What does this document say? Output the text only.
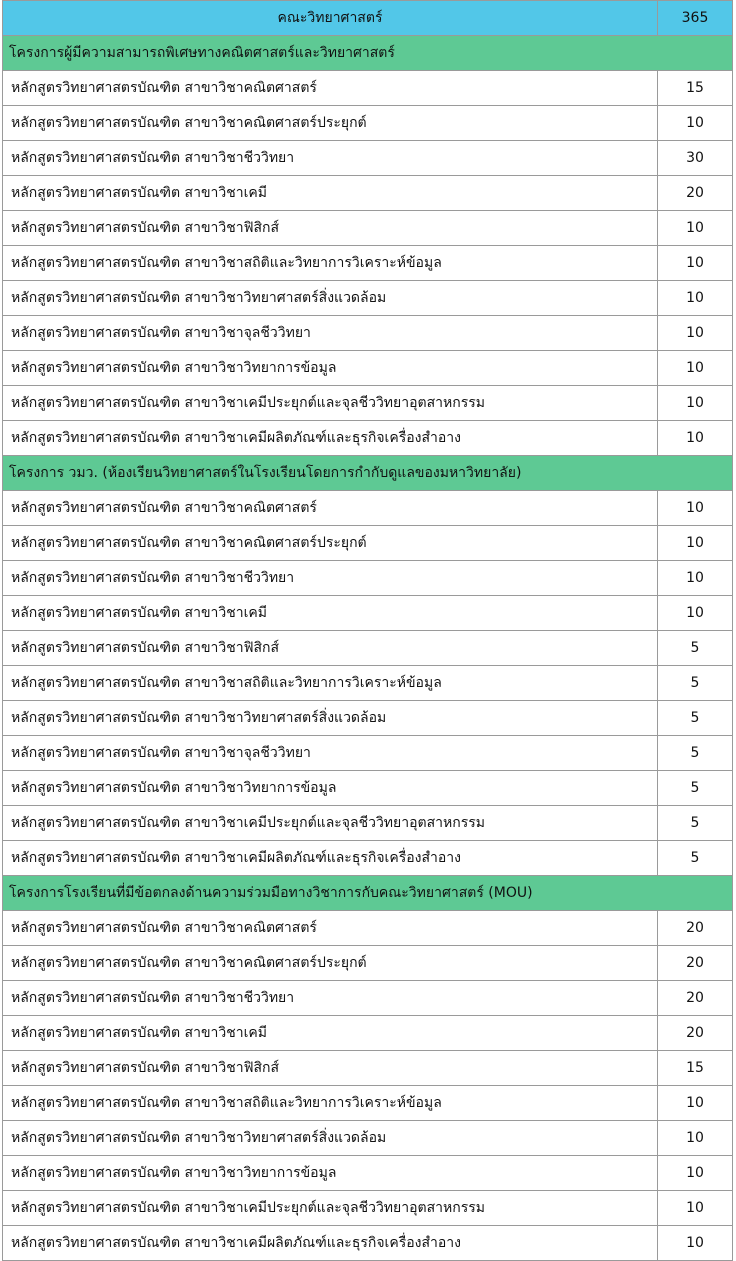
คณะวิทยาศาสตร์	365
โครงการผู้มีความสามารถพิเศษทางคณิตศาสตร์และวิทยาศาสตร์	
หลักสูตรวิทยาศาสตรบัณฑิต สาขาวิชาคณิตศาสตร์	15
หลักสูตรวิทยาศาสตรบัณฑิต สาขาวิชาคณิตศาสตร์ประยุกต์	10
หลักสูตรวิทยาศาสตรบัณฑิต สาขาวิชาชีววิทยา	30
หลักสูตรวิทยาศาสตรบัณฑิต สาขาวิชาเคมี	20
หลักสูตรวิทยาศาสตรบัณฑิต สาขาวิชาฟิสิกส์	10
หลักสูตรวิทยาศาสตรบัณฑิต สาขาวิชาสถิติและวิทยาการวิเคราะห์ข้อมูล	10
หลักสูตรวิทยาศาสตรบัณฑิต สาขาวิชาวิทยาศาสตร์สิ่งแวดล้อม	10
หลักสูตรวิทยาศาสตรบัณฑิต สาขาวิชาจุลชีววิทยา	10
หลักสูตรวิทยาศาสตรบัณฑิต สาขาวิชาวิทยาการข้อมูล	10
หลักสูตรวิทยาศาสตรบัณฑิต สาขาวิชาเคมีประยุกต์และจุลชีววิทยาอุตสาหกรรม	10
หลักสูตรวิทยาศาสตรบัณฑิต สาขาวิชาเคมีผลิตภัณฑ์และธุรกิจเครื่องสำอาง	10
โครงการ วมว. (ห้องเรียนวิทยาศาสตร์ในโรงเรียนโดยการกำกับดูแลของมหาวิทยาลัย)	
หลักสูตรวิทยาศาสตรบัณฑิต สาขาวิชาคณิตศาสตร์	10
หลักสูตรวิทยาศาสตรบัณฑิต สาขาวิชาคณิตศาสตร์ประยุกต์	10
หลักสูตรวิทยาศาสตรบัณฑิต สาขาวิชาชีววิทยา	10
หลักสูตรวิทยาศาสตรบัณฑิต สาขาวิชาเคมี	10
หลักสูตรวิทยาศาสตรบัณฑิต สาขาวิชาฟิสิกส์	5
หลักสูตรวิทยาศาสตรบัณฑิต สาขาวิชาสถิติและวิทยาการวิเคราะห์ข้อมูล	5
หลักสูตรวิทยาศาสตรบัณฑิต สาขาวิชาวิทยาศาสตร์สิ่งแวดล้อม	5
หลักสูตรวิทยาศาสตรบัณฑิต สาขาวิชาจุลชีววิทยา	5
หลักสูตรวิทยาศาสตรบัณฑิต สาขาวิชาวิทยาการข้อมูล	5
หลักสูตรวิทยาศาสตรบัณฑิต สาขาวิชาเคมีประยุกต์และจุลชีววิทยาอุตสาหกรรม	5
หลักสูตรวิทยาศาสตรบัณฑิต สาขาวิชาเคมีผลิตภัณฑ์และธุรกิจเครื่องสำอาง	5
โครงการโรงเรียนที่มีข้อตกลงด้านความร่วมมือทางวิชาการกับคณะวิทยาศาสตร์ (MOU)	
หลักสูตรวิทยาศาสตรบัณฑิต สาขาวิชาคณิตศาสตร์	20
หลักสูตรวิทยาศาสตรบัณฑิต สาขาวิชาคณิตศาสตร์ประยุกต์	20
หลักสูตรวิทยาศาสตรบัณฑิต สาขาวิชาชีววิทยา	20
หลักสูตรวิทยาศาสตรบัณฑิต สาขาวิชาเคมี	20
หลักสูตรวิทยาศาสตรบัณฑิต สาขาวิชาฟิสิกส์	15
หลักสูตรวิทยาศาสตรบัณฑิต สาขาวิชาสถิติและวิทยาการวิเคราะห์ข้อมูล	10
หลักสูตรวิทยาศาสตรบัณฑิต สาขาวิชาวิทยาศาสตร์สิ่งแวดล้อม	10
หลักสูตรวิทยาศาสตรบัณฑิต สาขาวิชาวิทยาการข้อมูล	10
หลักสูตรวิทยาศาสตรบัณฑิต สาขาวิชาเคมีประยุกต์และจุลชีววิทยาอุตสาหกรรม	10
หลักสูตรวิทยาศาสตรบัณฑิต สาขาวิชาเคมีผลิตภัณฑ์และธุรกิจเครื่องสำอาง	10
